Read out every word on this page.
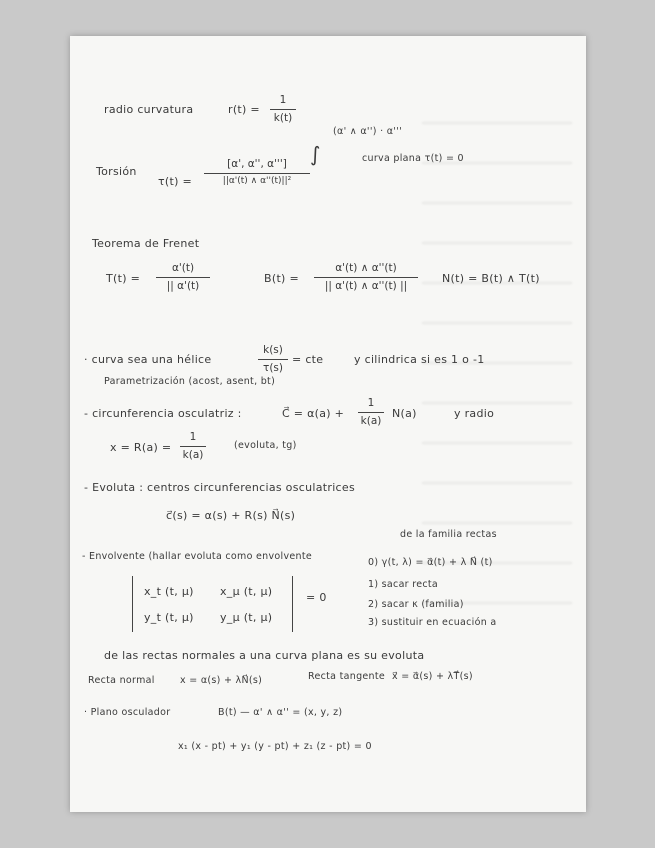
radio curvatura	r(t) =
1
k(t)
(α' ∧ α'') · α'''
∫
Torsión
τ(t) =
[α', α'', α''']
||α'(t) ∧ α''(t)||²
curva plana τ(t) = 0
Teorema de Frenet
T(t) =
α'(t)
|| α'(t)
B(t) =
α'(t) ∧ α''(t)
|| α'(t) ∧ α''(t) ||
N(t) = B(t) ∧ T(t)
· curva sea una hélice
k(s)
τ(s)
= cte	y cilindrica si es 1 o -1
Parametrización (acost, asent, bt)
- circunferencia osculatriz :	C⃗ = α(a) +
1
k(a)
N(a)	y radio
x = R(a) =
1
k(a)
(evoluta, tg)
- Evoluta : centros circunferencias osculatrices
c⃗(s) = α(s) + R(s) N⃗(s)
- Envolvente (hallar evoluta como envolvente
de la familia rectas
x_t (t, μ) x_μ (t, μ)
y_t (t, μ) y_μ (t, μ)
= 0
0) γ(t, λ) = α⃗(t) + λ N⃗ (t)
1) sacar recta
2) sacar κ (familia)
3) sustituir en ecuación a
de las rectas normales a una curva plana es su evoluta
Recta normal	x = α(s) + λN⃗(s)	Recta tangente x⃗ = α⃗(s) + λT⃗(s)
· Plano osculador	B(t) — α' ∧ α'' = (x, y, z)
x₁ (x - pt) + y₁ (y - pt) + z₁ (z - pt) = 0
